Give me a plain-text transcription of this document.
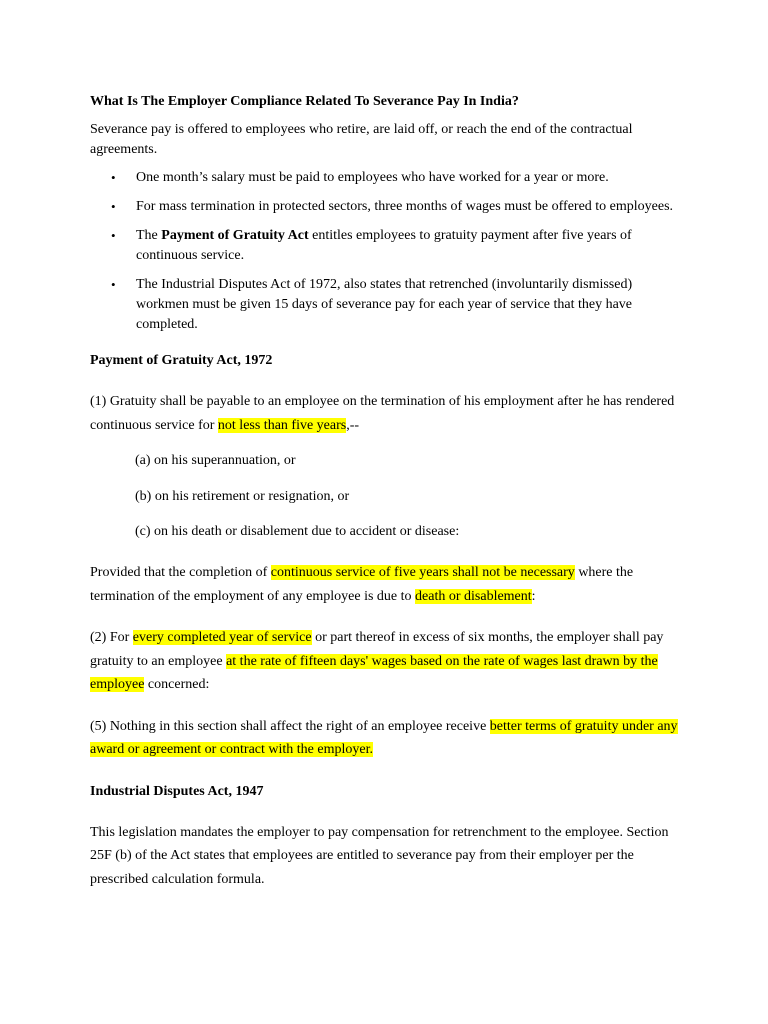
What Is The Employer Compliance Related To Severance Pay In India?

Severance pay is offered to employees who retire, are laid off, or reach the end of the contractual agreements.

• One month’s salary must be paid to employees who have worked for a year or more.
• For mass termination in protected sectors, three months of wages must be offered to employees.
• The Payment of Gratuity Act entitles employees to gratuity payment after five years of continuous service.
• The Industrial Disputes Act of 1972, also states that retrenched (involuntarily dismissed) workmen must be given 15 days of severance pay for each year of service that they have completed.
Payment of Gratuity Act, 1972

(1) Gratuity shall be payable to an employee on the termination of his employment after he has rendered continuous service for not less than five years,--

(a) on his superannuation, or

(b) on his retirement or resignation, or

(c) on his death or disablement due to accident or disease:

Provided that the completion of continuous service of five years shall not be necessary where the termination of the employment of any employee is due to death or disablement:

(2) For every completed year of service or part thereof in excess of six months, the employer shall pay gratuity to an employee at the rate of fifteen days' wages based on the rate of wages last drawn by the employee concerned:

(5) Nothing in this section shall affect the right of an employee receive better terms of gratuity under any award or agreement or contract with the employer.

Industrial Disputes Act, 1947

This legislation mandates the employer to pay compensation for retrenchment to the employee. Section 25F (b) of the Act states that employees are entitled to severance pay from their employer per the prescribed calculation formula.
